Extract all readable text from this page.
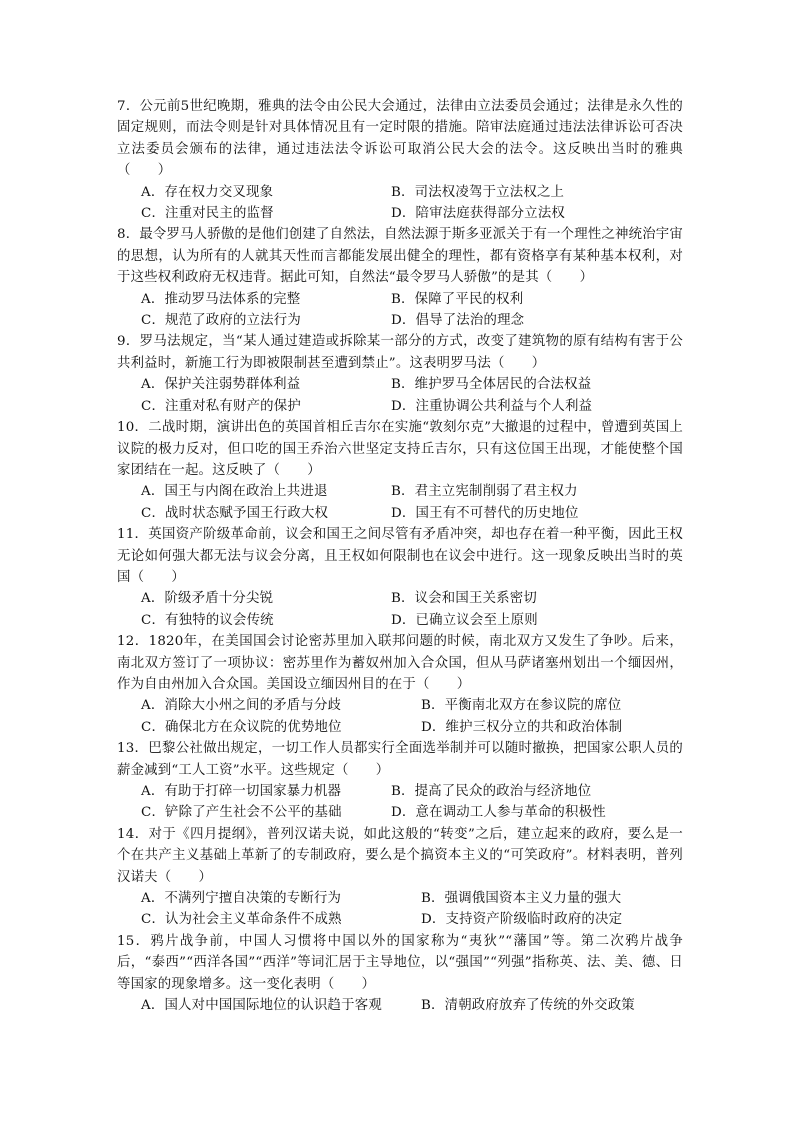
7．公元前5世纪晚期，雅典的法令由公民大会通过，法律由立法委员会通过；法律是永久性的固定规则，而法令则是针对具体情况且有一定时限的措施。陪审法庭通过违法法律诉讼可否决立法委员会颁布的法律，通过违法法令诉讼可取消公民大会的法令。这反映出当时的雅典（　　）

A．存在权力交叉现象	B．司法权凌驾于立法权之上
C．注重对民主的监督	D．陪审法庭获得部分立法权

8．最令罗马人骄傲的是他们创建了自然法，自然法源于斯多亚派关于有一个理性之神统治宇宙的思想，认为所有的人就其天性而言都能发展出健全的理性，都有资格享有某种基本权利，对于这些权利政府无权违背。据此可知，自然法“最令罗马人骄傲”的是其（　　）

A．推动罗马法体系的完整	B．保障了平民的权利
C．规范了政府的立法行为	D．倡导了法治的理念

9．罗马法规定，当“某人通过建造或拆除某一部分的方式，改变了建筑物的原有结构有害于公共利益时，新施工行为即被限制甚至遭到禁止”。这表明罗马法（　　）

A．保护关注弱势群体利益	B．维护罗马全体居民的合法权益
C．注重对私有财产的保护	D．注重协调公共利益与个人利益

10．二战时期，演讲出色的英国首相丘吉尔在实施“敦刻尔克”大撤退的过程中，曾遭到英国上议院的极力反对，但口吃的国王乔治六世坚定支持丘吉尔，只有这位国王出现，才能使整个国家团结在一起。这反映了（　　）

A．国王与内阁在政治上共进退	B．君主立宪制削弱了君主权力
C．战时状态赋予国王行政大权	D．国王有不可替代的历史地位

11．英国资产阶级革命前，议会和国王之间尽管有矛盾冲突，却也存在着一种平衡，因此王权无论如何强大都无法与议会分离，且王权如何限制也在议会中进行。这一现象反映出当时的英国（　　）

A．阶级矛盾十分尖锐	B．议会和国王关系密切
C．有独特的议会传统	D．已确立议会至上原则

12．1820年，在美国国会讨论密苏里加入联邦问题的时候，南北双方又发生了争吵。后来，南北双方签订了一项协议：密苏里作为蓄奴州加入合众国，但从马萨诸塞州划出一个缅因州，作为自由州加入合众国。美国设立缅因州目的在于（　　）

A．消除大小州之间的矛盾与分歧	B．平衡南北双方在参议院的席位
C．确保北方在众议院的优势地位	D．维护三权分立的共和政治体制

13．巴黎公社做出规定，一切工作人员都实行全面选举制并可以随时撤换，把国家公职人员的薪金减到“工人工资”水平。这些规定（　　）

A．有助于打碎一切国家暴力机器	B．提高了民众的政治与经济地位
C．铲除了产生社会不公平的基础	D．意在调动工人参与革命的积极性

14．对于《四月提纲》，普列汉诺夫说，如此这般的“转变”之后，建立起来的政府，要么是一个在共产主义基础上革新了的专制政府，要么是个搞资本主义的“可笑政府”。材料表明，普列汉诺夫（　　）

A．不满列宁擅自决策的专断行为	B．强调俄国资本主义力量的强大
C．认为社会主义革命条件不成熟	D．支持资产阶级临时政府的决定

15．鸦片战争前，中国人习惯将中国以外的国家称为“夷狄”“藩国”等。第二次鸦片战争后，“泰西”“西洋各国”“西洋”等词汇居于主导地位，以“强国”“列强”指称英、法、美、德、日等国家的现象增多。这一变化表明（　　）

A．国人对中国国际地位的认识趋于客观	B．清朝政府放弃了传统的外交政策
